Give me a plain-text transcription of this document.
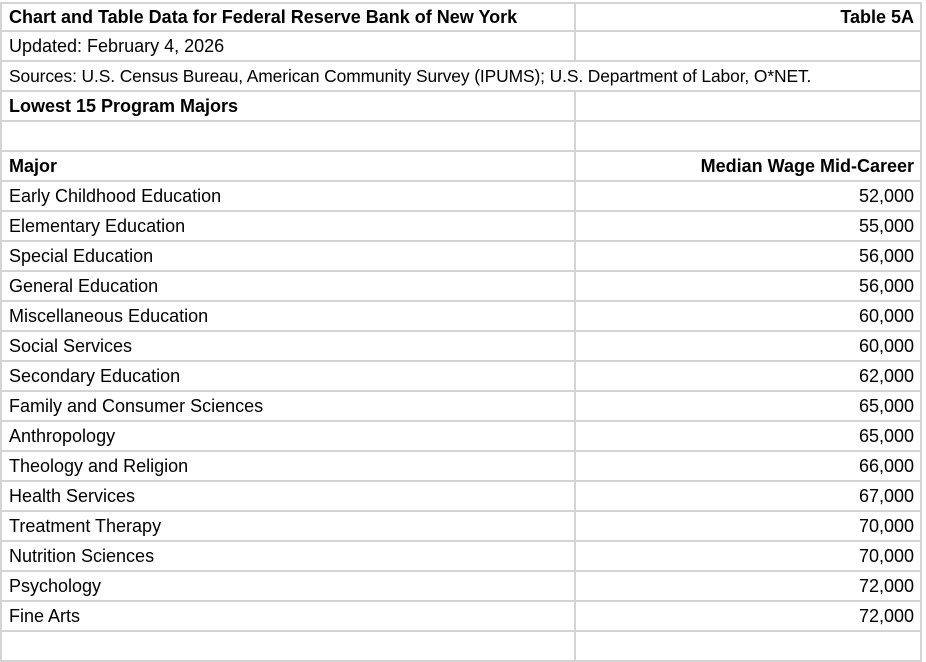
Chart and Table Data for Federal Reserve Bank of New York	Table 5A
Updated: February 4, 2026
Sources: U.S. Census Bureau, American Community Survey (IPUMS); U.S. Department of Labor, O*NET.
Lowest 15 Program Majors
Major	Median Wage Mid-Career
Early Childhood Education	52,000
Elementary Education	55,000
Special Education	56,000
General Education	56,000
Miscellaneous Education	60,000
Social Services	60,000
Secondary Education	62,000
Family and Consumer Sciences	65,000
Anthropology	65,000
Theology and Religion	66,000
Health Services	67,000
Treatment Therapy	70,000
Nutrition Sciences	70,000
Psychology	72,000
Fine Arts	72,000
